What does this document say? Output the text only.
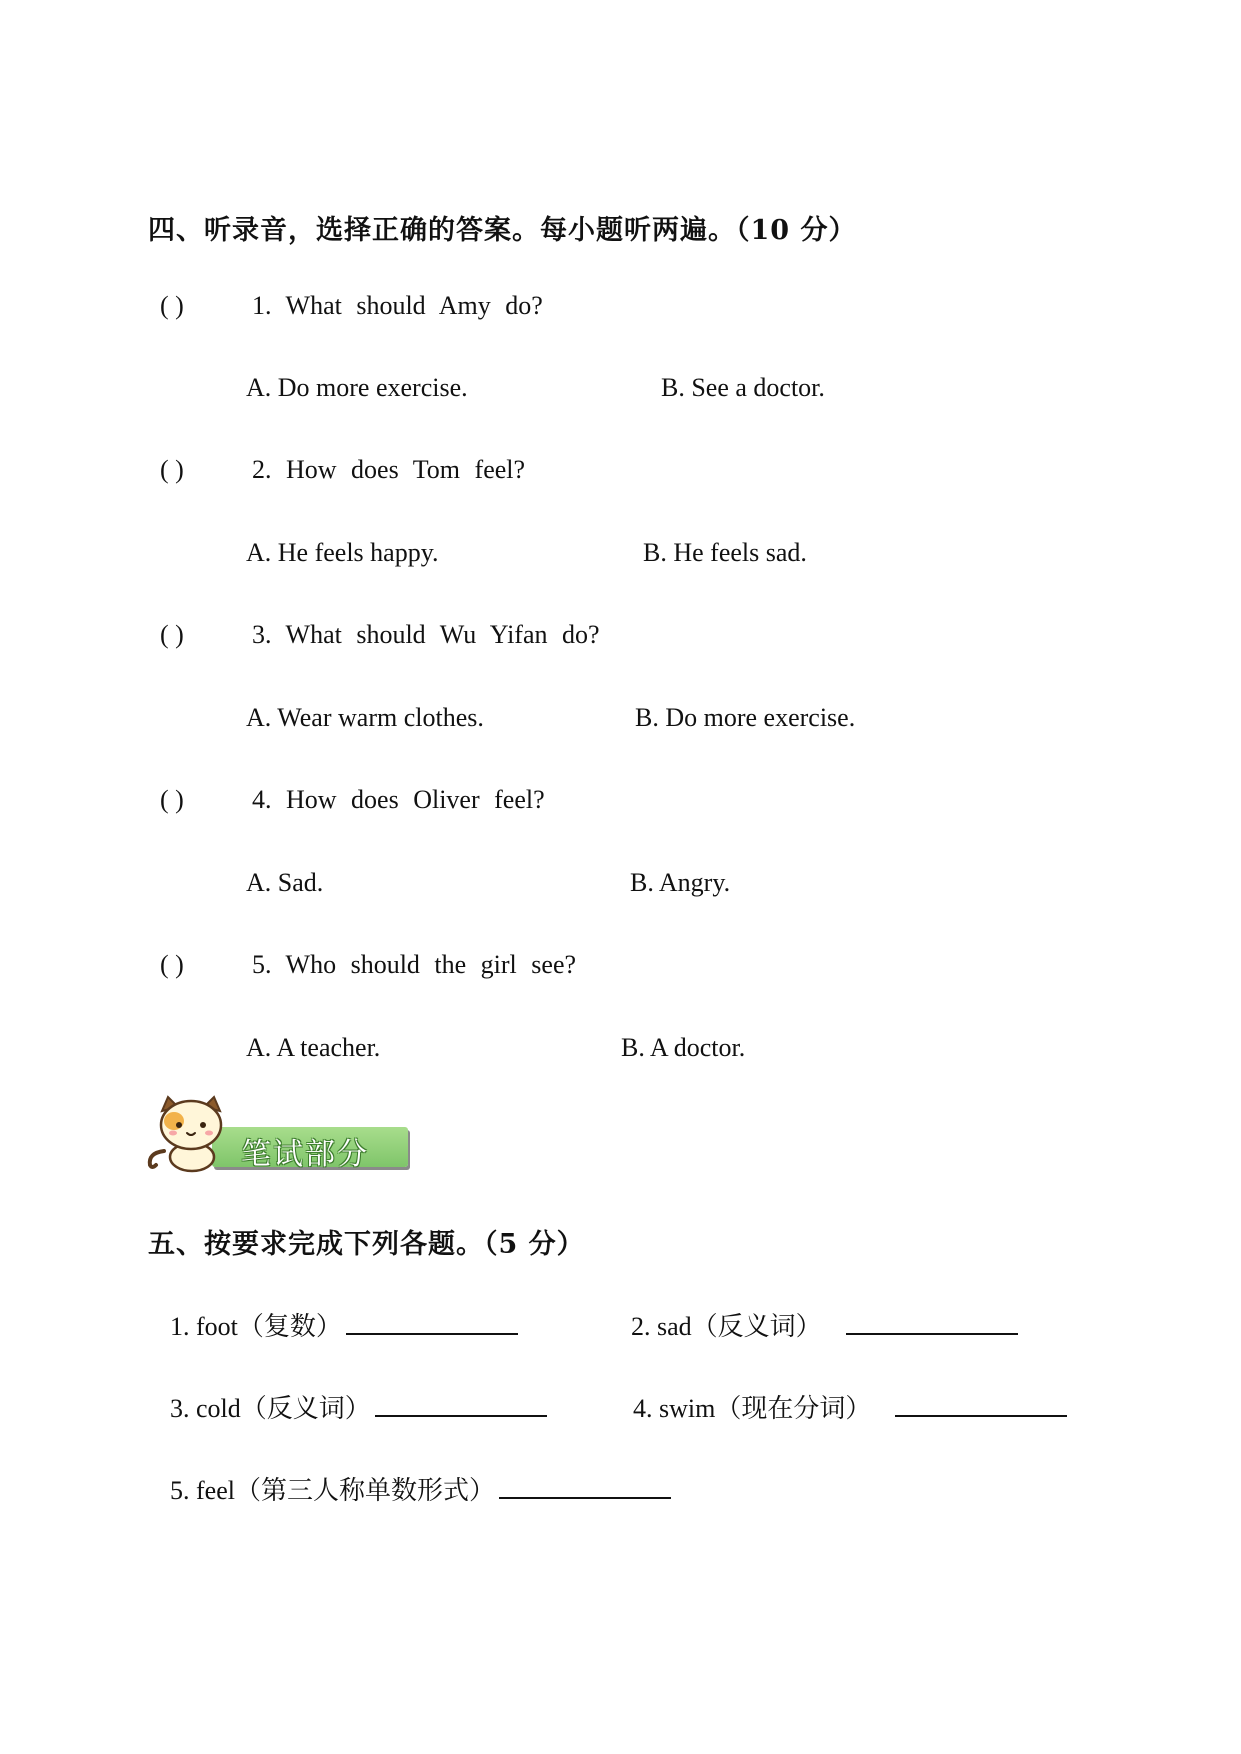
四、听录音，选择正确的答案。每小题听两遍。（10 分）
( )	1. What should Amy do?
A. Do more exercise.	B. See a doctor.
( )	2. How does Tom feel?
A. He feels happy.	B. He feels sad.
( )	3. What should Wu Yifan do?
A. Wear warm clothes.	B. Do more exercise.
( )	4. How does Oliver feel?
A. Sad.	B. Angry.
( )	5. Who should the girl see?
A. A teacher.	B. A doctor.
笔试部分
五、按要求完成下列各题。（5 分）
1. foot（复数）	2. sad（反义词）
3. cold（反义词）	4. swim（现在分词）
5. feel（第三人称单数形式）
